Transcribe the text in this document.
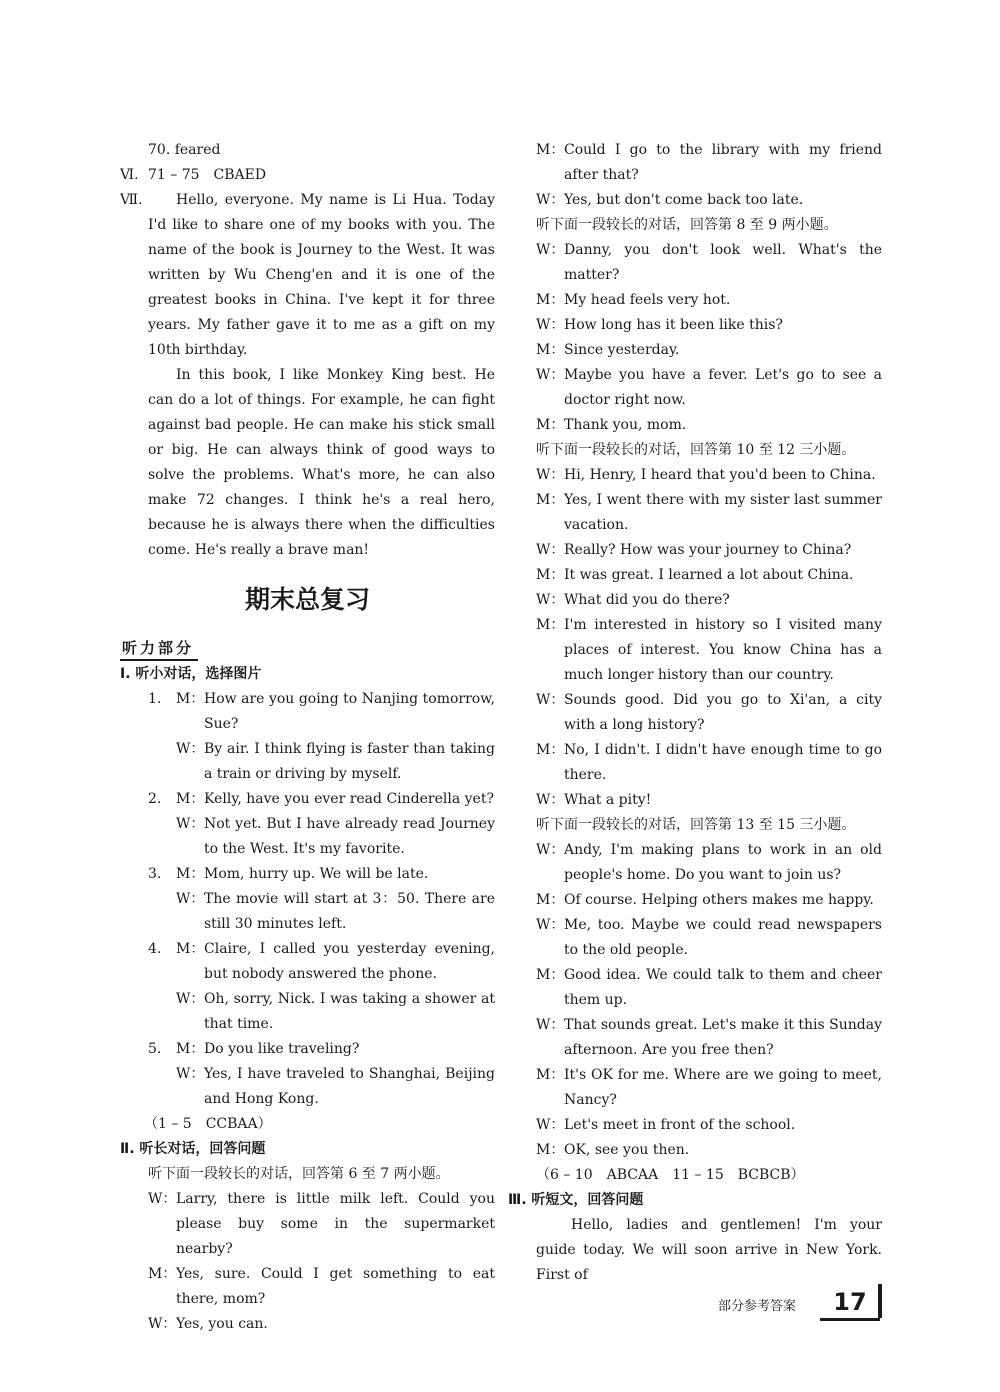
70. feared

Ⅵ. 71 – 75　CBAED
Ⅶ.	Hello, everyone. My name is Li Hua. Today I'd like to share one of my books with you. The name of the book is Journey to the West. It was written by Wu Cheng'en and it is one of the greatest books in China. I've kept it for three years. My father gave it to me as a gift on my 10th birthday.

In this book, I like Monkey King best. He can do a lot of things. For example, he can fight against bad people. He can make his stick small or big. He can always think of good ways to solve the problems. What's more, he can also make 72 changes. I think he's a real hero, because he is always there when the difficulties come. He's really a brave man!

期末总复习
听力部分

Ⅰ. 听小对话，选择图片

1.	M： How are you going to Nanjing tomorrow, Sue?
W： By air. I think flying is faster than taking a train or driving by myself.
2.	M： Kelly, have you ever read Cinderella yet?
W： Not yet. But I have already read Journey to the West. It's my favorite.
3.	M： Mom, hurry up. We will be late.
W： The movie will start at 3：50. There are still 30 minutes left.
4.	M： Claire, I called you yesterday evening, but nobody answered the phone.
W： Oh, sorry, Nick. I was taking a shower at that time.
5.	M： Do you like traveling?
W： Yes, I have traveled to Shanghai, Beijing and Hong Kong.

（1 – 5　CCBAA）

Ⅱ. 听长对话，回答问题

听下面一段较长的对话，回答第 6 至 7 两小题。

W： Larry, there is little milk left. Could you please buy some in the supermarket nearby?
M： Yes, sure. Could I get something to eat there, mom?
W： Yes, you can.
M： Could I go to the library with my friend after that?
W： Yes, but don't come back too late.

听下面一段较长的对话，回答第 8 至 9 两小题。

W： Danny, you don't look well. What's the matter?
M： My head feels very hot.
W： How long has it been like this?
M： Since yesterday.
W： Maybe you have a fever. Let's go to see a doctor right now.
M： Thank you, mom.

听下面一段较长的对话，回答第 10 至 12 三小题。

W： Hi, Henry, I heard that you'd been to China.
M： Yes, I went there with my sister last summer vacation.
W： Really? How was your journey to China?
M： It was great. I learned a lot about China.
W： What did you do there?
M： I'm interested in history so I visited many places of interest. You know China has a much longer history than our country.
W： Sounds good. Did you go to Xi'an, a city with a long history?
M： No, I didn't. I didn't have enough time to go there.
W： What a pity!

听下面一段较长的对话，回答第 13 至 15 三小题。

W： Andy, I'm making plans to work in an old people's home. Do you want to join us?
M： Of course. Helping others makes me happy.
W： Me, too. Maybe we could read newspapers to the old people.
M： Good idea. We could talk to them and cheer them up.
W： That sounds great. Let's make it this Sunday afternoon. Are you free then?
M： It's OK for me. Where are we going to meet, Nancy?
W： Let's meet in front of the school.
M： OK, see you then.

（6 – 10　ABCAA　11 – 15　BCBCB）

Ⅲ. 听短文，回答问题

Hello, ladies and gentlemen! I'm your guide today. We will soon arrive in New York. First of

部分参考答案	17
